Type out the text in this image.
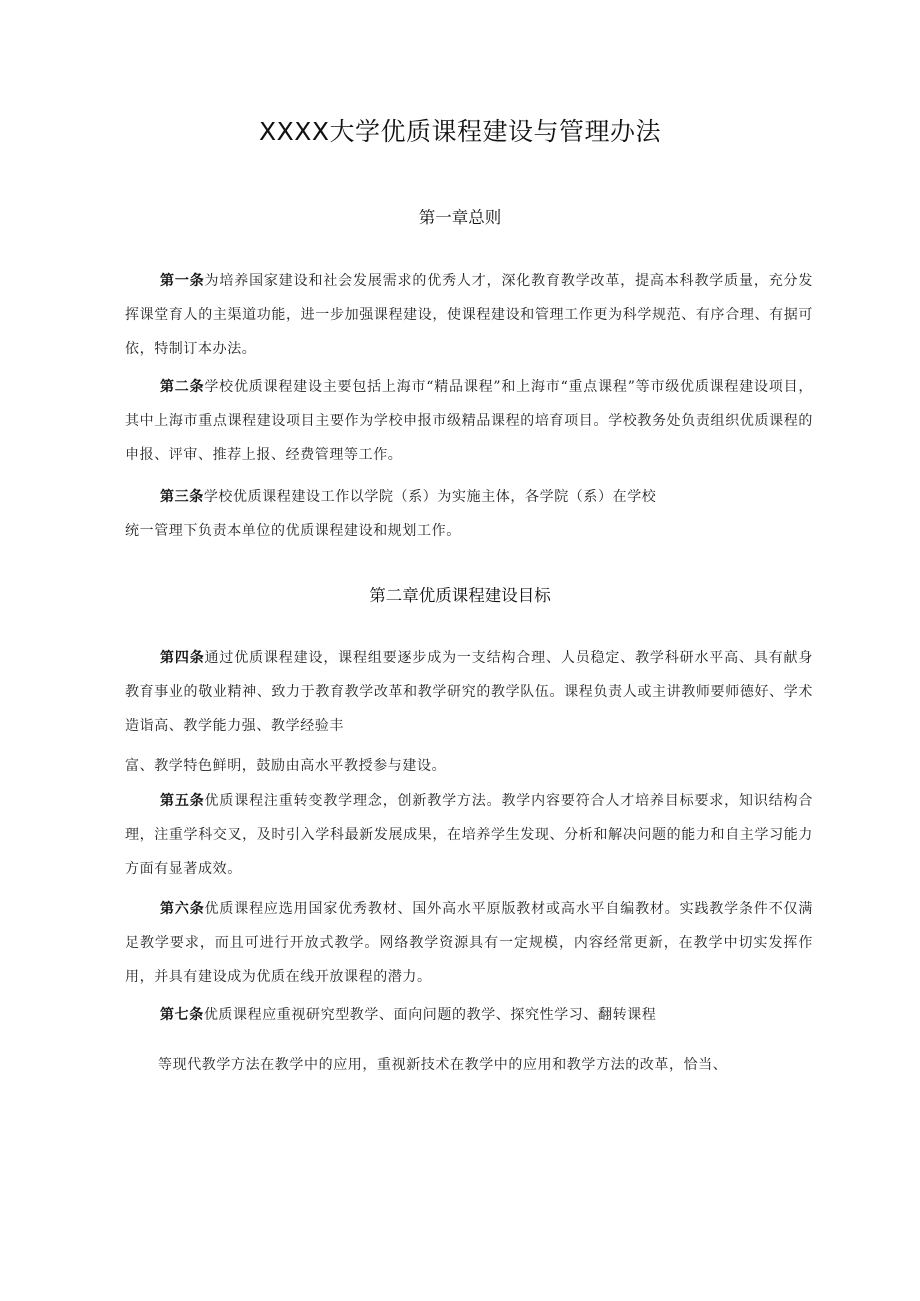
XXXX大学优质课程建设与管理办法
第一章总则
第一条为培养国家建设和社会发展需求的优秀人才，深化教育教学改革，提高本科教学质量，充分发挥课堂育人的主渠道功能，进一步加强课程建设，使课程建设和管理工作更为科学规范、有序合理、有据可依，特制订本办法。
第二条学校优质课程建设主要包括上海市“精品课程”和上海市“重点课程”等市级优质课程建设项目，其中上海市重点课程建设项目主要作为学校申报市级精品课程的培育项目。学校教务处负责组织优质课程的申报、评审、推荐上报、经费管理等工作。
第三条学校优质课程建设工作以学院（系）为实施主体，各学院（系）在学校
统一管理下负责本单位的优质课程建设和规划工作。
第二章优质课程建设目标
第四条通过优质课程建设，课程组要逐步成为一支结构合理、人员稳定、教学科研水平高、具有献身教育事业的敬业精神、致力于教育教学改革和教学研究的教学队伍。课程负责人或主讲教师要师德好、学术造诣高、教学能力强、教学经验丰
富、教学特色鲜明，鼓励由高水平教授参与建设。
第五条优质课程注重转变教学理念，创新教学方法。教学内容要符合人才培养目标要求，知识结构合理，注重学科交叉，及时引入学科最新发展成果，在培养学生发现、分析和解决问题的能力和自主学习能力方面有显著成效。
第六条优质课程应选用国家优秀教材、国外高水平原版教材或高水平自编教材。实践教学条件不仅满足教学要求，而且可进行开放式教学。网络教学资源具有一定规模，内容经常更新，在教学中切实发挥作用，并具有建设成为优质在线开放课程的潜力。
第七条优质课程应重视研究型教学、面向问题的教学、探究性学习、翻转课程
等现代教学方法在教学中的应用，重视新技术在教学中的应用和教学方法的改革，恰当、
